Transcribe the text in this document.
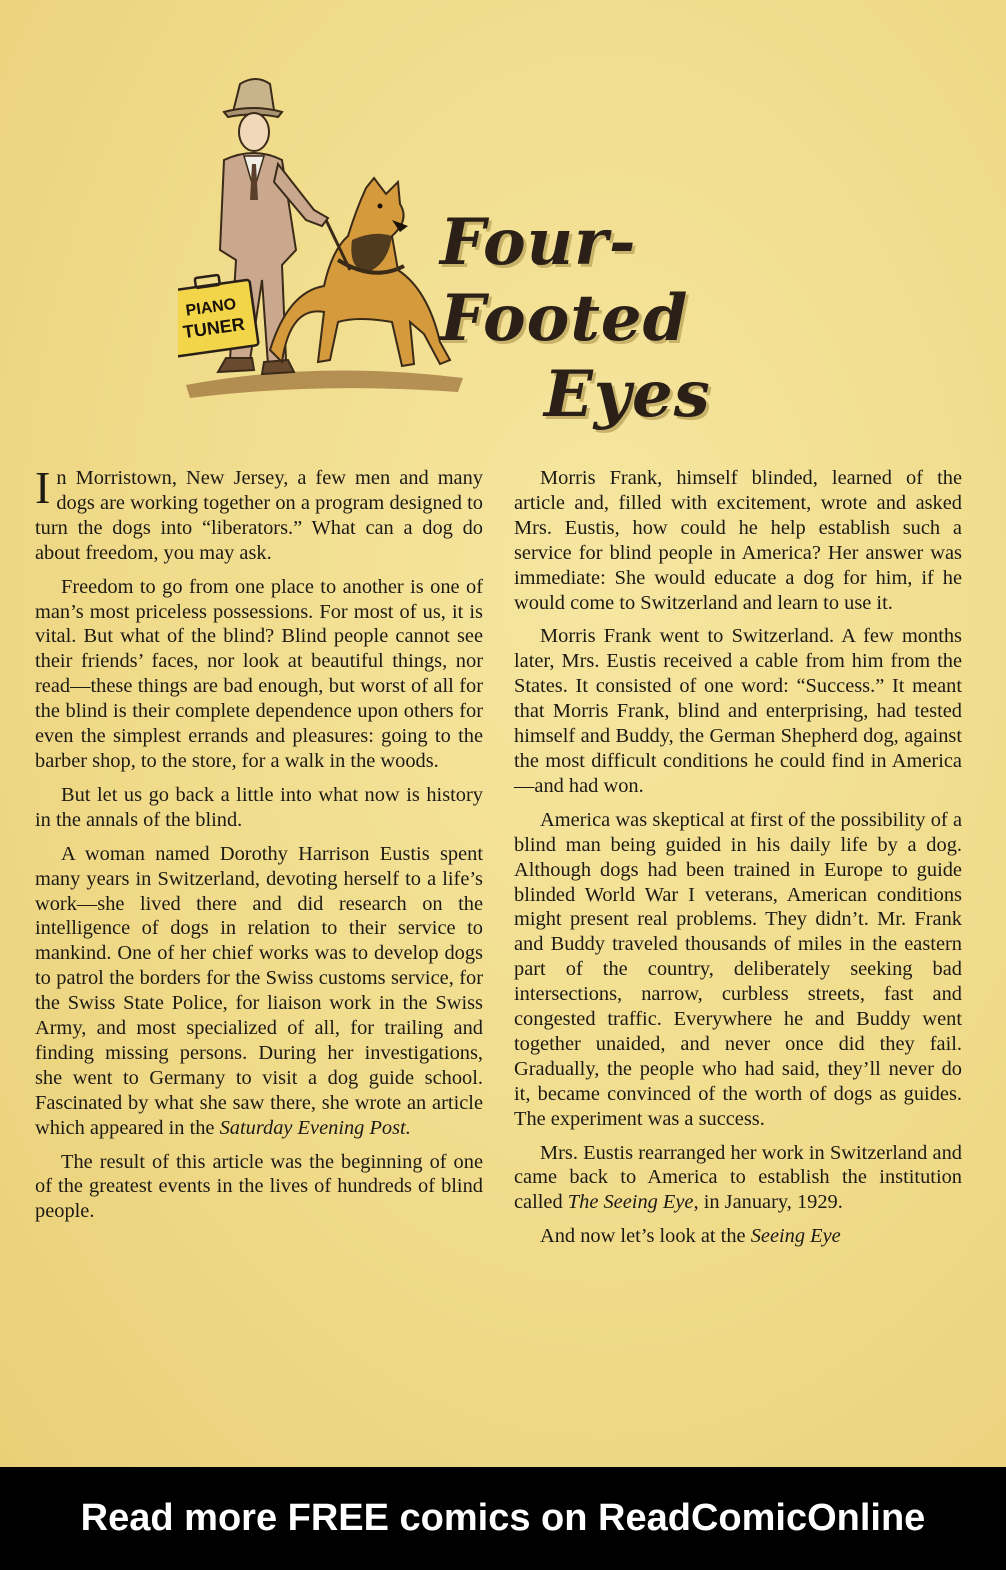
PIANO
TUNER
Four-Footed
Eyes

In Morristown, New Jersey, a few men and many dogs are working together on a program designed to turn the dogs into “liberators.” What can a dog do about freedom, you may ask.

Freedom to go from one place to another is one of man’s most priceless possessions. For most of us, it is vital. But what of the blind? Blind people cannot see their friends’ faces, nor look at beautiful things, nor read—these things are bad enough, but worst of all for the blind is their complete dependence upon others for even the simplest errands and pleasures: going to the barber shop, to the store, for a walk in the woods.

But let us go back a little into what now is history in the annals of the blind.

A woman named Dorothy Harrison Eustis spent many years in Switzerland, devoting herself to a life’s work—she lived there and did research on the intelligence of dogs in relation to their service to mankind. One of her chief works was to develop dogs to patrol the borders for the Swiss customs service, for the Swiss State Police, for liaison work in the Swiss Army, and most specialized of all, for trailing and finding missing persons. During her investigations, she went to Germany to visit a dog guide school. Fascinated by what she saw there, she wrote an article which appeared in the Saturday Evening Post.

The result of this article was the beginning of one of the greatest events in the lives of hundreds of blind people.

Morris Frank, himself blinded, learned of the article and, filled with excitement, wrote and asked Mrs. Eustis, how could he help establish such a service for blind people in America? Her answer was immediate: She would educate a dog for him, if he would come to Switzerland and learn to use it.

Morris Frank went to Switzerland. A few months later, Mrs. Eustis received a cable from him from the States. It consisted of one word: “Success.” It meant that Morris Frank, blind and enterprising, had tested himself and Buddy, the German Shepherd dog, against the most difficult conditions he could find in America—and had won.

America was skeptical at first of the possibility of a blind man being guided in his daily life by a dog. Although dogs had been trained in Europe to guide blinded World War I veterans, American conditions might present real problems. They didn’t. Mr. Frank and Buddy traveled thousands of miles in the eastern part of the country, deliberately seeking bad intersections, narrow, curbless streets, fast and congested traffic. Everywhere he and Buddy went together unaided, and never once did they fail. Gradually, the people who had said, they’ll never do it, became convinced of the worth of dogs as guides. The experiment was a success.

Mrs. Eustis rearranged her work in Switzerland and came back to America to establish the institution called The Seeing Eye, in January, 1929.

And now let’s look at the Seeing Eye

Read more FREE comics on ReadComicOnline
